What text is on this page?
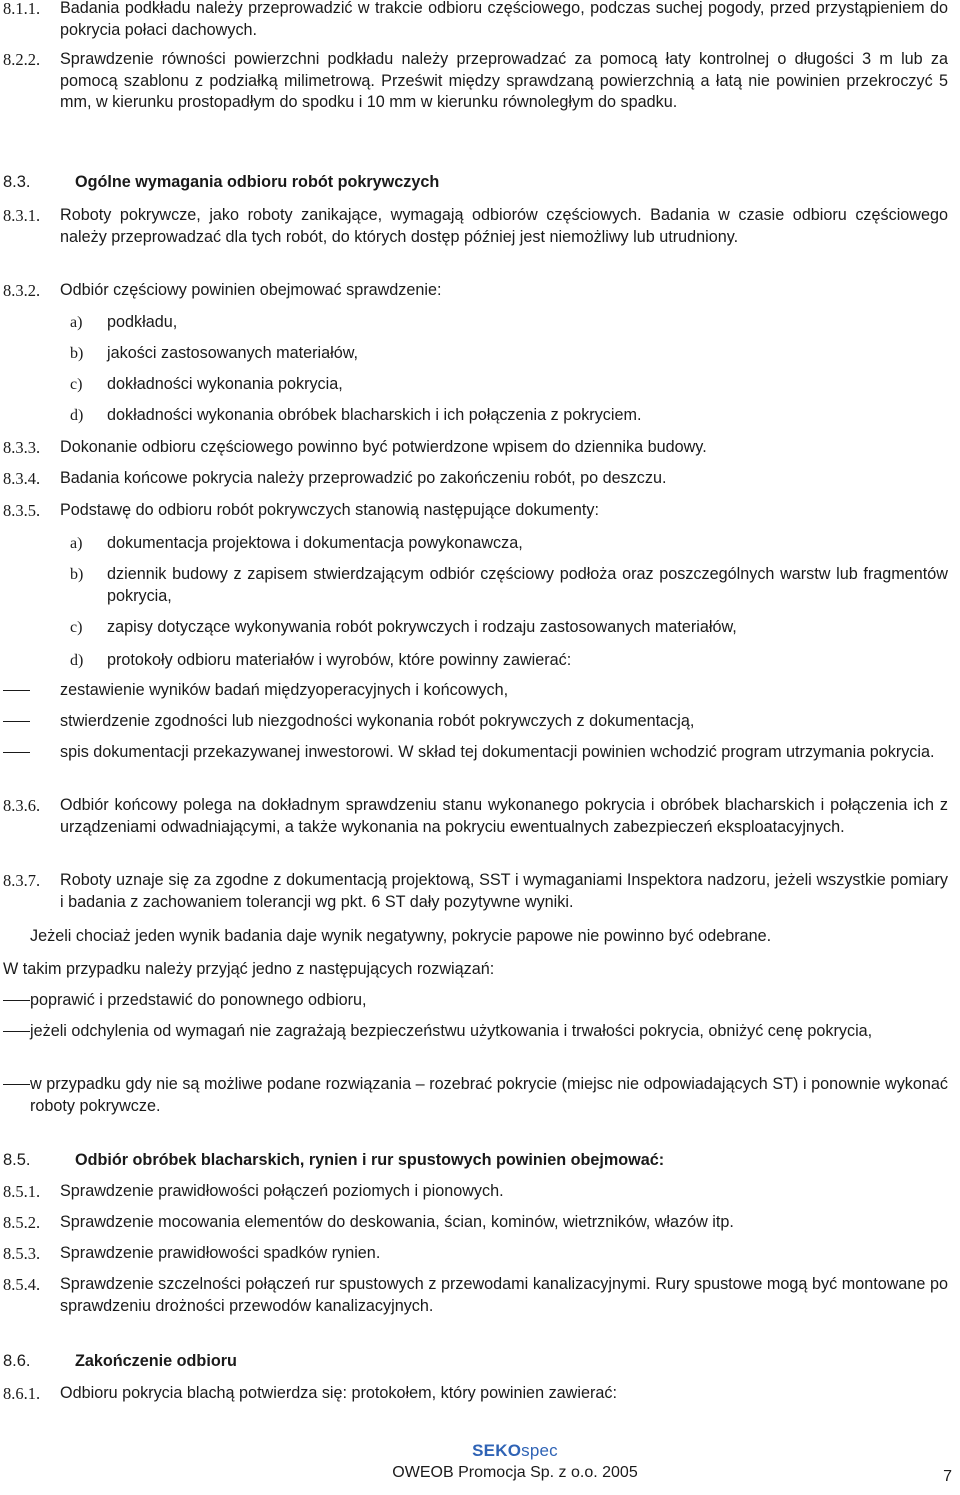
8.1.1.	Badania podkładu należy przeprowadzić w trakcie odbioru częściowego, podczas suchej pogody, przed przystąpieniem do pokrycia połaci dachowych.
8.2.2.	Sprawdzenie równości powierzchni podkładu należy przeprowadzać za pomocą łaty kontrolnej o długości 3 m lub za pomocą szablonu z podziałką milimetrową. Prześwit między sprawdzaną powierzchnią a łatą nie powinien przekroczyć 5 mm, w kierunku prostopadłym do spodku i 10 mm w kierunku równoległym do spadku.
8.3.	Ogólne wymagania odbioru robót pokrywczych
8.3.1.	Roboty pokrywcze, jako roboty zanikające, wymagają odbiorów częściowych. Badania w czasie odbioru częściowego należy przeprowadzać dla tych robót, do których dostęp później jest niemożliwy lub utrudniony.
8.3.2.	Odbiór częściowy powinien obejmować sprawdzenie:
a)	podkładu,
b)	jakości zastosowanych materiałów,
c)	dokładności wykonania pokrycia,
d)	dokładności wykonania obróbek blacharskich i ich połączenia z pokryciem.
8.3.3.	Dokonanie odbioru częściowego powinno być potwierdzone wpisem do dziennika budowy.
8.3.4.	Badania końcowe pokrycia należy przeprowadzić po zakończeniu robót, po deszczu.
8.3.5.	Podstawę do odbioru robót pokrywczych stanowią następujące dokumenty:
a)	dokumentacja projektowa i dokumentacja powykonawcza,
b)	dziennik budowy z zapisem stwierdzającym odbiór częściowy podłoża oraz poszczególnych warstw lub fragmentów pokrycia,
c)	zapisy dotyczące wykonywania robót pokrywczych i rodzaju zastosowanych materiałów,
d)	protokoły odbioru materiałów i wyrobów, które powinny zawierać:
zestawienie wyników badań międzyoperacyjnych i końcowych,
stwierdzenie zgodności lub niezgodności wykonania robót pokrywczych z dokumentacją,
spis dokumentacji przekazywanej inwestorowi. W skład tej dokumentacji powinien wchodzić program utrzymania pokrycia.
8.3.6.	Odbiór końcowy polega na dokładnym sprawdzeniu stanu wykonanego pokrycia i obróbek blacharskich i połączenia ich z urządzeniami odwadniającymi, a także wykonania na pokryciu ewentualnych zabezpieczeń eksploatacyjnych.
8.3.7.	Roboty uznaje się za zgodne z dokumentacją projektową, SST i wymaganiami Inspektora nadzoru, jeżeli wszystkie pomiary i badania z zachowaniem tolerancji wg pkt. 6 ST dały pozytywne wyniki.
Jeżeli chociaż jeden wynik badania daje wynik negatywny, pokrycie papowe nie powinno być odebrane.
W takim przypadku należy przyjąć jedno z następujących rozwiązań:
poprawić i przedstawić do ponownego odbioru,
jeżeli odchylenia od wymagań nie zagrażają bezpieczeństwu użytkowania i trwałości pokrycia, obniżyć cenę pokrycia,
w przypadku gdy nie są możliwe podane rozwiązania – rozebrać pokrycie (miejsc nie odpowiadających ST) i ponownie wykonać roboty pokrywcze.
8.5.	Odbiór obróbek blacharskich, rynien i rur spustowych powinien obejmować:
8.5.1.	Sprawdzenie prawidłowości połączeń poziomych i pionowych.
8.5.2.	Sprawdzenie mocowania elementów do deskowania, ścian, kominów, wietrzników, włazów itp.
8.5.3.	Sprawdzenie prawidłowości spadków rynien.
8.5.4.	Sprawdzenie szczelności połączeń rur spustowych z przewodami kanalizacyjnymi. Rury spustowe mogą być montowane po sprawdzeniu drożności przewodów kanalizacyjnych.
8.6.	Zakończenie odbioru
8.6.1.	Odbioru pokrycia blachą potwierdza się: protokołem, który powinien zawierać:
SEKOspec
OWEOB Promocja Sp. z o.o. 2005	7
